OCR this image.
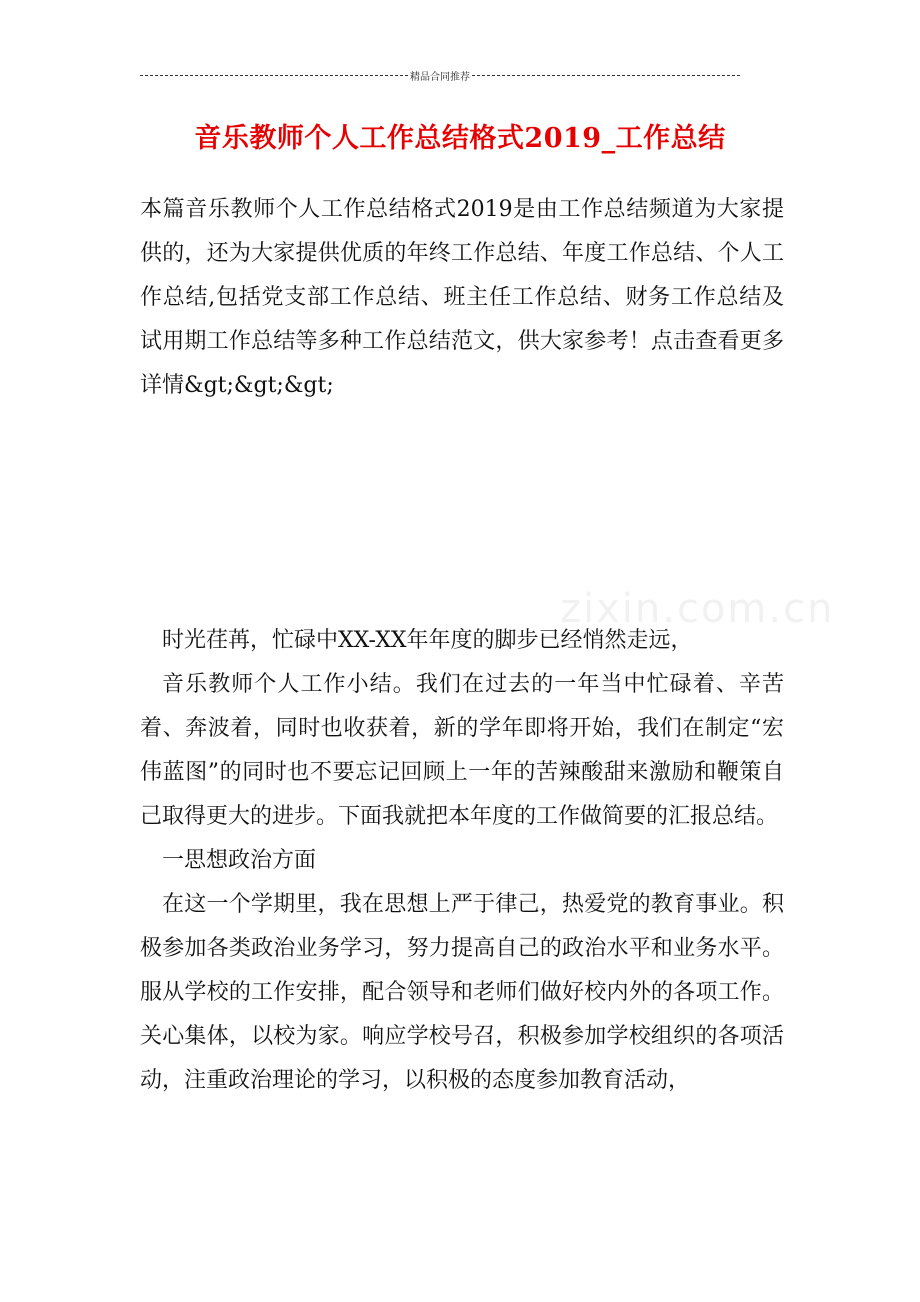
精品合同推荐
音乐教师个人工作总结格式2019_工作总结
本篇音乐教师个人工作总结格式2019是由工作总结频道为大家提供的，还为大家提供优质的年终工作总结、年度工作总结、个人工作总结,包括党支部工作总结、班主任工作总结、财务工作总结及试用期工作总结等多种工作总结范文，供大家参考！点击查看更多详情&gt;&gt;&gt;
zixin.com.cn

时光荏苒，忙碌中XX-XX年年度的脚步已经悄然走远，

音乐教师个人工作小结。我们在过去的一年当中忙碌着、辛苦着、奔波着，同时也收获着，新的学年即将开始，我们在制定“宏伟蓝图”的同时也不要忘记回顾上一年的苦辣酸甜来激励和鞭策自己取得更大的进步。下面我就把本年度的工作做简要的汇报总结。

一思想政治方面

在这一个学期里，我在思想上严于律己，热爱党的教育事业。积极参加各类政治业务学习，努力提高自己的政治水平和业务水平。服从学校的工作安排，配合领导和老师们做好校内外的各项工作。关心集体，以校为家。响应学校号召，积极参加学校组织的各项活动，注重政治理论的学习，以积极的态度参加教育活动，
